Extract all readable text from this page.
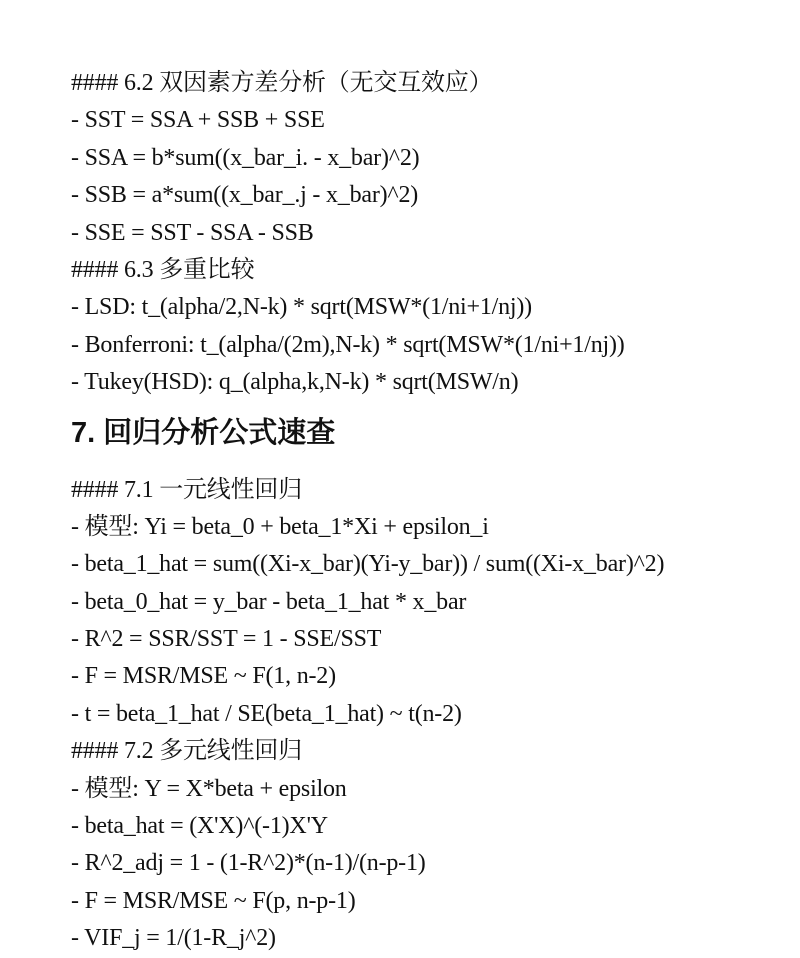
#### 6.2 双因素方差分析（无交互效应）
- SST = SSA + SSB + SSE
- SSA = b*sum((x_bar_i. - x_bar)^2)
- SSB = a*sum((x_bar_.j - x_bar)^2)
- SSE = SST - SSA - SSB
#### 6.3 多重比较
- LSD: t_(alpha/2,N-k) * sqrt(MSW*(1/ni+1/nj))
- Bonferroni: t_(alpha/(2m),N-k) * sqrt(MSW*(1/ni+1/nj))
- Tukey(HSD): q_(alpha,k,N-k) * sqrt(MSW/n)
7. 回归分析公式速查
#### 7.1 一元线性回归
- 模型: Yi = beta_0 + beta_1*Xi + epsilon_i
- beta_1_hat = sum((Xi-x_bar)(Yi-y_bar)) / sum((Xi-x_bar)^2)
- beta_0_hat = y_bar - beta_1_hat * x_bar
- R^2 = SSR/SST = 1 - SSE/SST
- F = MSR/MSE ~ F(1, n-2)
- t = beta_1_hat / SE(beta_1_hat) ~ t(n-2)
#### 7.2 多元线性回归
- 模型: Y = X*beta + epsilon
- beta_hat = (X'X)^(-1)X'Y
- R^2_adj = 1 - (1-R^2)*(n-1)/(n-p-1)
- F = MSR/MSE ~ F(p, n-p-1)
- VIF_j = 1/(1-R_j^2)
